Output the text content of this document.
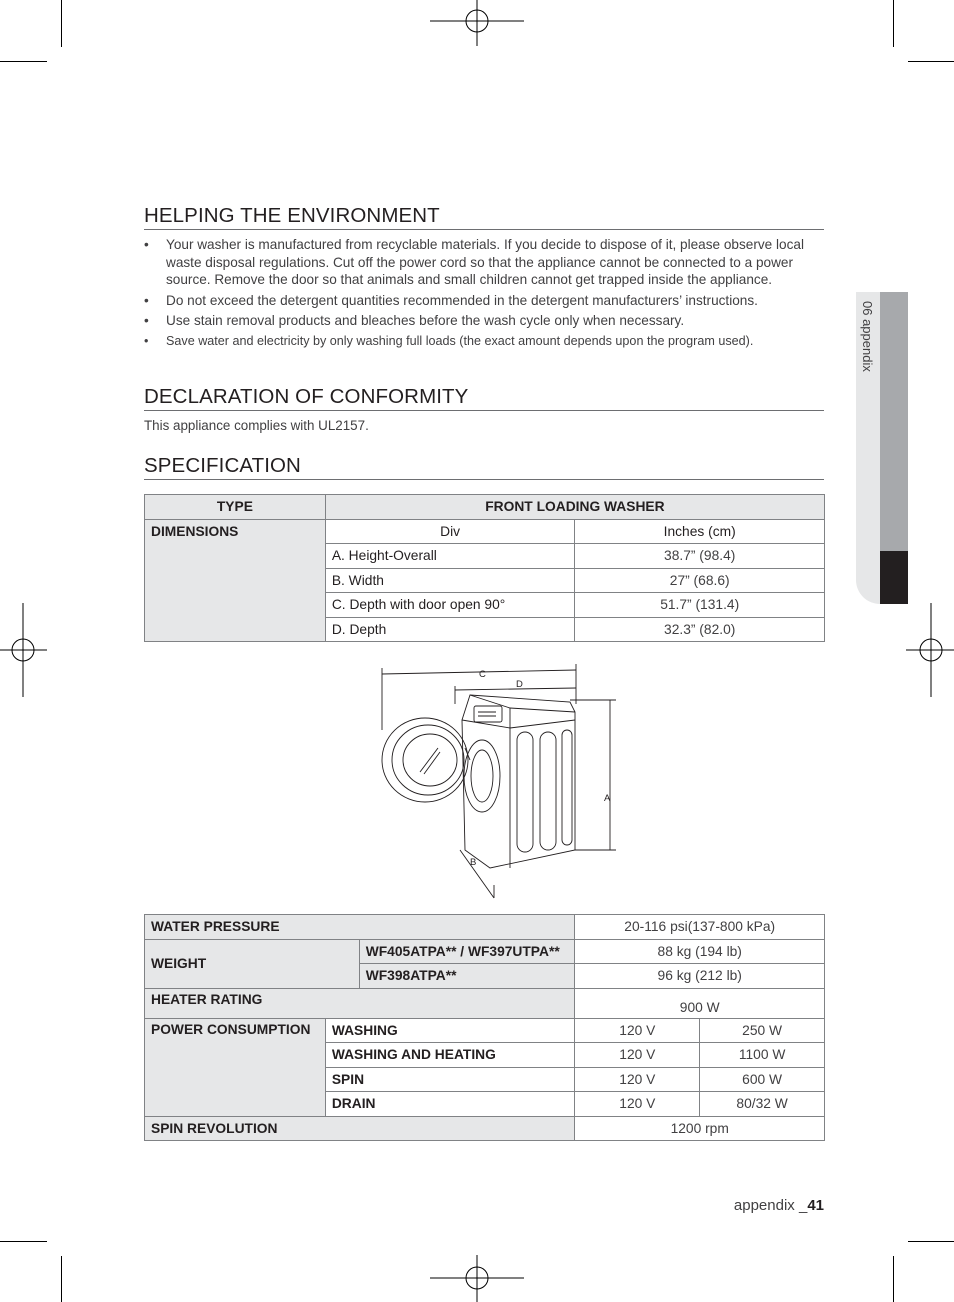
06 appendix
HELPING THE ENVIRONMENT
• Your washer is manufactured from recyclable materials. If you decide to dispose of it, please observe local waste disposal regulations. Cut off the power cord so that the appliance cannot be connected to a power source. Remove the door so that animals and small children cannot get trapped inside the appliance.
• Do not exceed the detergent quantities recommended in the detergent manufacturers’ instructions.
• Use stain removal products and bleaches before the wash cycle only when necessary.
• Save water and electricity by only washing full loads (the exact amount depends upon the program used).
DECLARATION OF CONFORMITY
This appliance complies with UL2157.
SPECIFICATION
TYPE	FRONT LOADING WASHER	
DIMENSIONS	Div	Inches (cm)
	A. Height-Overall	38.7” (98.4)
	B. Width	27” (68.6)
	C. Depth with door open 90°	51.7” (131.4)
	D. Depth	32.3” (82.0)
C
D
A
B
WATER PRESSURE			20-116 psi(137-800 kPa)	
WEIGHT		WF405ATPA** / WF397UTPA**	88 kg (194 lb)	
		WF398ATPA**	96 kg (212 lb)	
HEATER RATING			900 W	
POWER CONSUMPTION	WASHING		120 V	250 W
	WASHING AND HEATING		120 V	1100 W
	SPIN		120 V	600 W
	DRAIN		120 V	80/32 W
SPIN REVOLUTION			1200 rpm	
appendix _41
